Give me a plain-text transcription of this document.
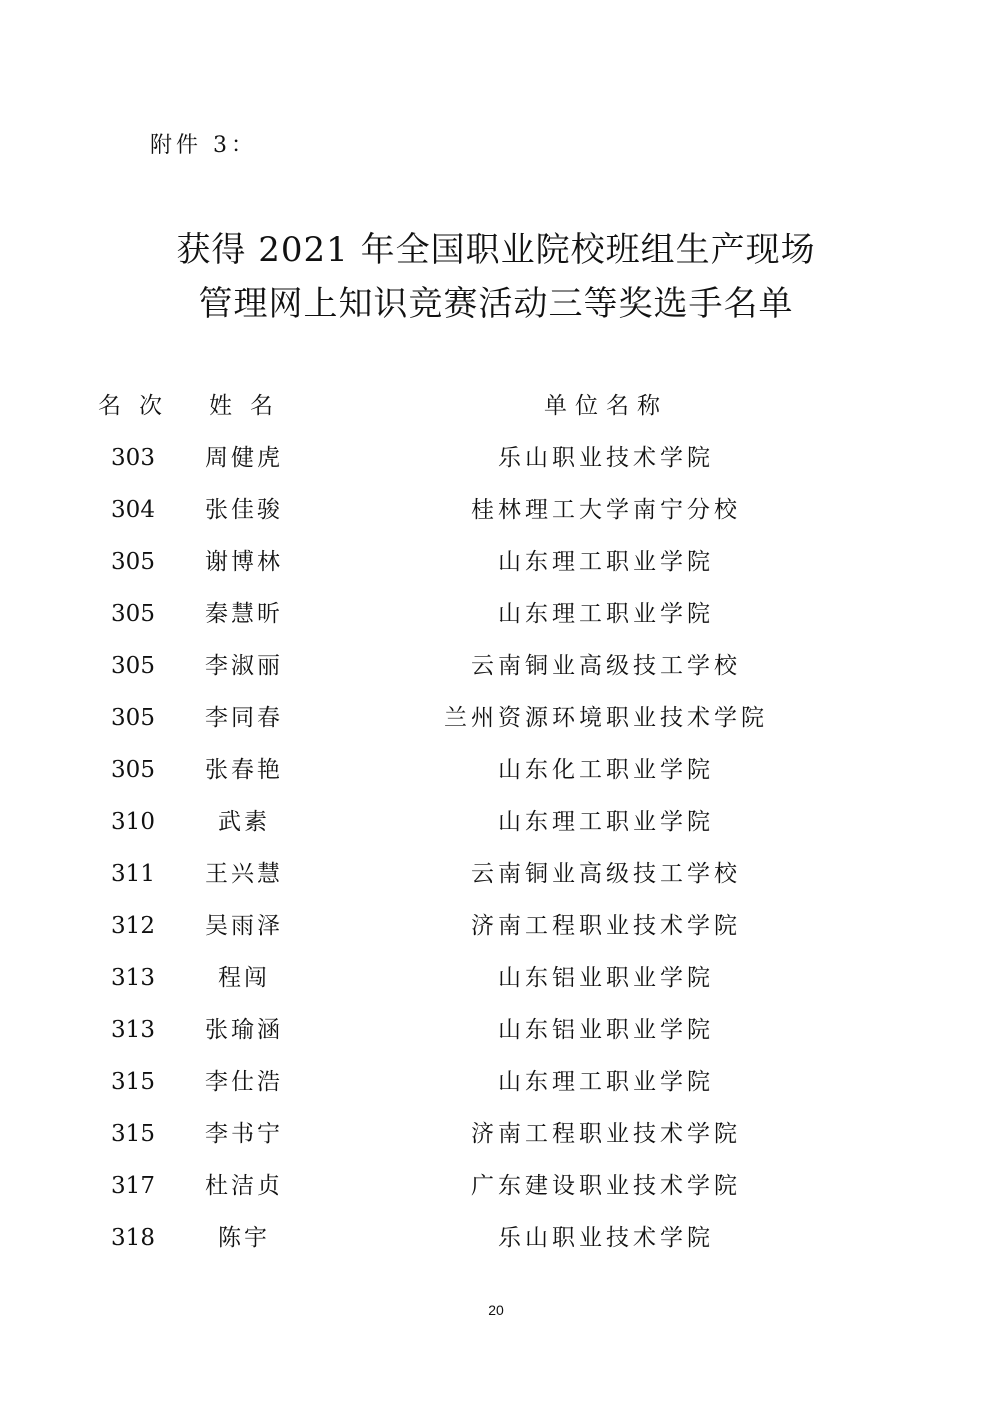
附件 3：
获得 2021 年全国职业院校班组生产现场
管理网上知识竞赛活动三等奖选手名单
名次	姓名	单位名称
303	周健虎	乐山职业技术学院
304	张佳骏	桂林理工大学南宁分校
305	谢博林	山东理工职业学院
305	秦慧昕	山东理工职业学院
305	李淑丽	云南铜业高级技工学校
305	李同春	兰州资源环境职业技术学院
305	张春艳	山东化工职业学院
310	武素	山东理工职业学院
311	王兴慧	云南铜业高级技工学校
312	吴雨泽	济南工程职业技术学院
313	程闯	山东铝业职业学院
313	张瑜涵	山东铝业职业学院
315	李仕浩	山东理工职业学院
315	李书宁	济南工程职业技术学院
317	杜洁贞	广东建设职业技术学院
318	陈宇	乐山职业技术学院
20
